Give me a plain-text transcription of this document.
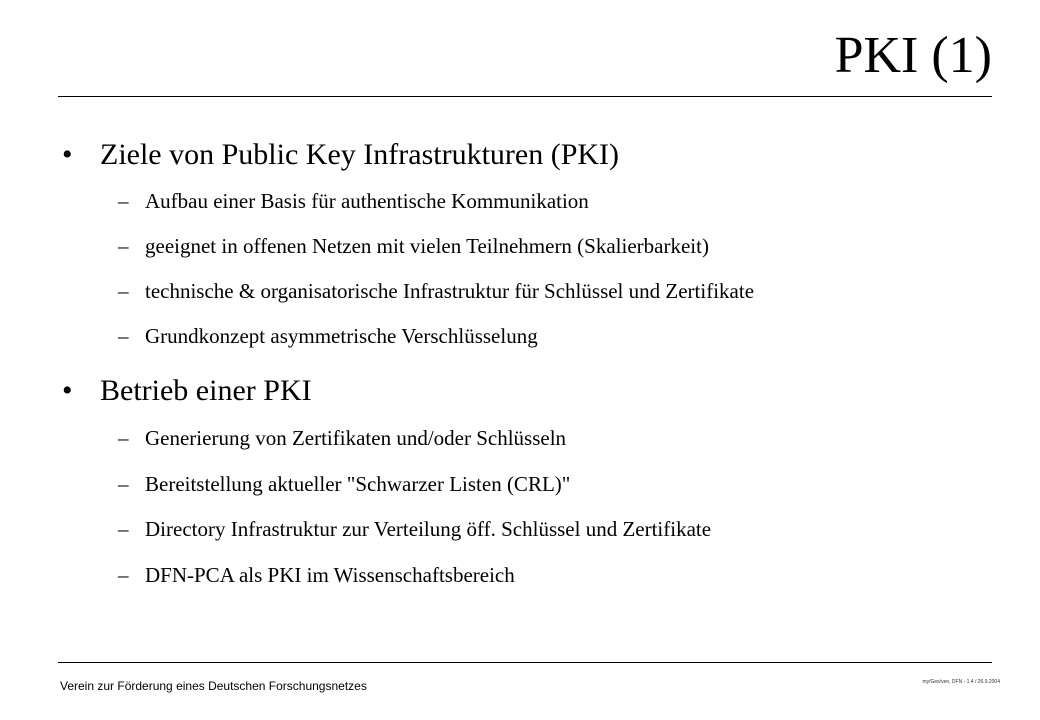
PKI (1)
• Ziele von Public Key Infrastrukturen (PKI)
– Aufbau einer Basis für authentische Kommunikation
– geeignet in offenen Netzen mit vielen Teilnehmern (Skalierbarkeit)
– technische & organisatorische Infrastruktur für Schlüssel und Zertifikate
– Grundkonzept asymmetrische Verschlüsselung
• Betrieb einer PKI
– Generierung von Zertifikaten und/oder Schlüsseln
– Bereitstellung aktueller "Schwarzer Listen (CRL)"
– Directory Infrastruktur zur Verteilung öff. Schlüssel und Zertifikate
– DFN-PCA als PKI im Wissenschaftsbereich
Verein zur Förderung eines Deutschen Forschungsnetzes	my/Ges/ven, DFN - 1.4 / 26.9.2004
